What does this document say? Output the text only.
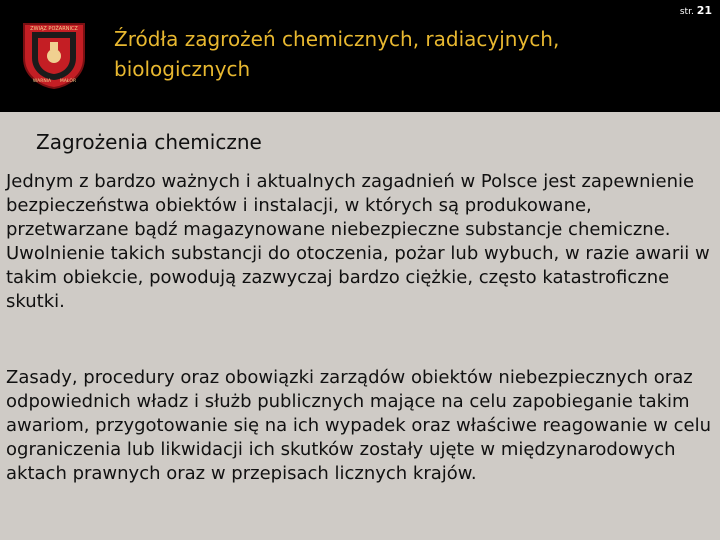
ZWIĄZ POŻARNICZ
WARNIA MAŁOR
Źródła zagrożeń chemicznych, radiacyjnych, biologicznych
str. 21
Zagrożenia chemiczne

Jednym z bardzo ważnych i aktualnych zagadnień w Polsce jest zapewnienie bezpieczeństwa obiektów i instalacji, w których są produkowane, przetwarzane bądź magazynowane niebezpieczne substancje chemiczne. Uwolnienie takich substancji do otoczenia, pożar lub wybuch, w razie awarii w takim obiekcie, powodują zazwyczaj bardzo ciężkie, często katastroficzne skutki.

Zasady, procedury oraz obowiązki zarządów obiektów niebezpiecznych oraz odpowiednich władz i służb publicznych mające na celu zapobieganie takim awariom, przygotowanie się na ich wypadek oraz właściwe reagowanie w celu ograniczenia lub likwidacji ich skutków zostały ujęte w międzynarodowych aktach prawnych oraz w przepisach licznych krajów.
